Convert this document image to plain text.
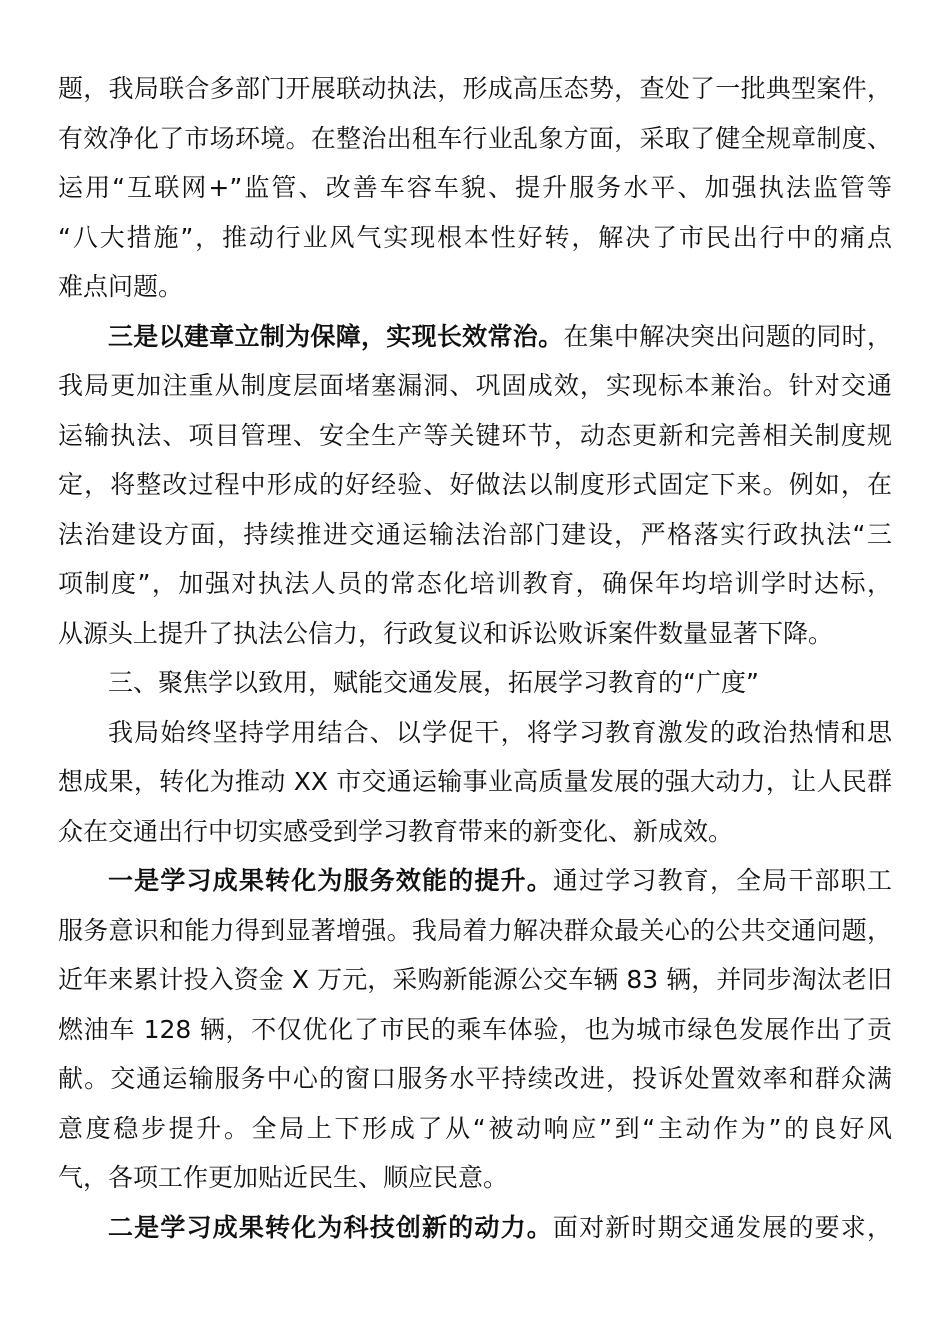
题，我局联合多部门开展联动执法，形成高压态势，查处了一批典型案件，
有效净化了市场环境。在整治出租车行业乱象方面，采取了健全规章制度、
运用“互联网+”监管、改善车容车貌、提升服务水平、加强执法监管等
“八大措施”，推动行业风气实现根本性好转，解决了市民出行中的痛点
难点问题。
三是以建章立制为保障，实现长效常治。在集中解决突出问题的同时，
我局更加注重从制度层面堵塞漏洞、巩固成效，实现标本兼治。针对交通
运输执法、项目管理、安全生产等关键环节，动态更新和完善相关制度规
定，将整改过程中形成的好经验、好做法以制度形式固定下来。例如，在
法治建设方面，持续推进交通运输法治部门建设，严格落实行政执法“三
项制度”，加强对执法人员的常态化培训教育，确保年均培训学时达标，
从源头上提升了执法公信力，行政复议和诉讼败诉案件数量显著下降。
三、聚焦学以致用，赋能交通发展，拓展学习教育的“广度”
我局始终坚持学用结合、以学促干，将学习教育激发的政治热情和思
想成果，转化为推动 XX 市交通运输事业高质量发展的强大动力，让人民群
众在交通出行中切实感受到学习教育带来的新变化、新成效。
一是学习成果转化为服务效能的提升。通过学习教育，全局干部职工
服务意识和能力得到显著增强。我局着力解决群众最关心的公共交通问题，
近年来累计投入资金 X 万元，采购新能源公交车辆 83 辆，并同步淘汰老旧
燃油车 128 辆，不仅优化了市民的乘车体验，也为城市绿色发展作出了贡
献。交通运输服务中心的窗口服务水平持续改进，投诉处置效率和群众满
意度稳步提升。全局上下形成了从“被动响应”到“主动作为”的良好风
气，各项工作更加贴近民生、顺应民意。
二是学习成果转化为科技创新的动力。面对新时期交通发展的要求，
